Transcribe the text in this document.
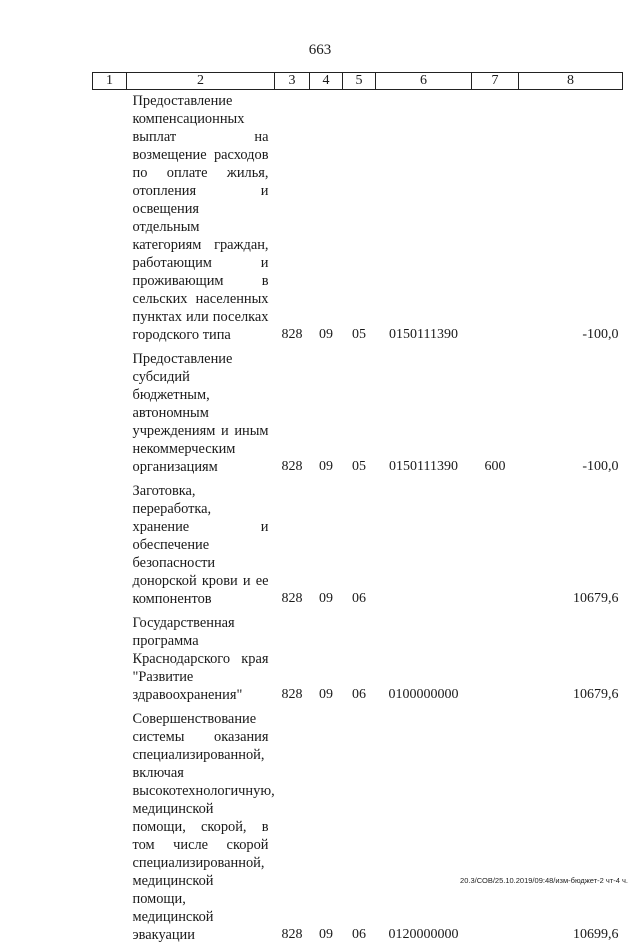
663
1	2	3	4	5	6	7	8
	Предоставление компенсационных выплат на возмещение расходов по оплате жилья, отопления и освещения отдельным категориям граждан, работающим и проживающим в сельских населенных пунктах или поселках городского типа	828	09	05	0150111390		-100,0
	Предоставление субсидий бюджетным, автономным учреждениям и иным некоммерческим организациям	828	09	05	0150111390	600	-100,0
	Заготовка, переработка, хранение и обеспечение безопасности донорской крови и ее компонентов	828	09	06			10679,6
	Государственная программа Краснодарского края "Развитие здравоохранения"	828	09	06	0100000000		10679,6
	Совершенствование системы оказания специализированной, включая высокотехнологичную, медицинской помощи, скорой, в том числе скорой специализированной, медицинской помощи, медицинской эвакуации	828	09	06	0120000000		10699,6
20.3/СОВ/25.10.2019/09:48/изм-бюджет-2 чт-4 ч.
